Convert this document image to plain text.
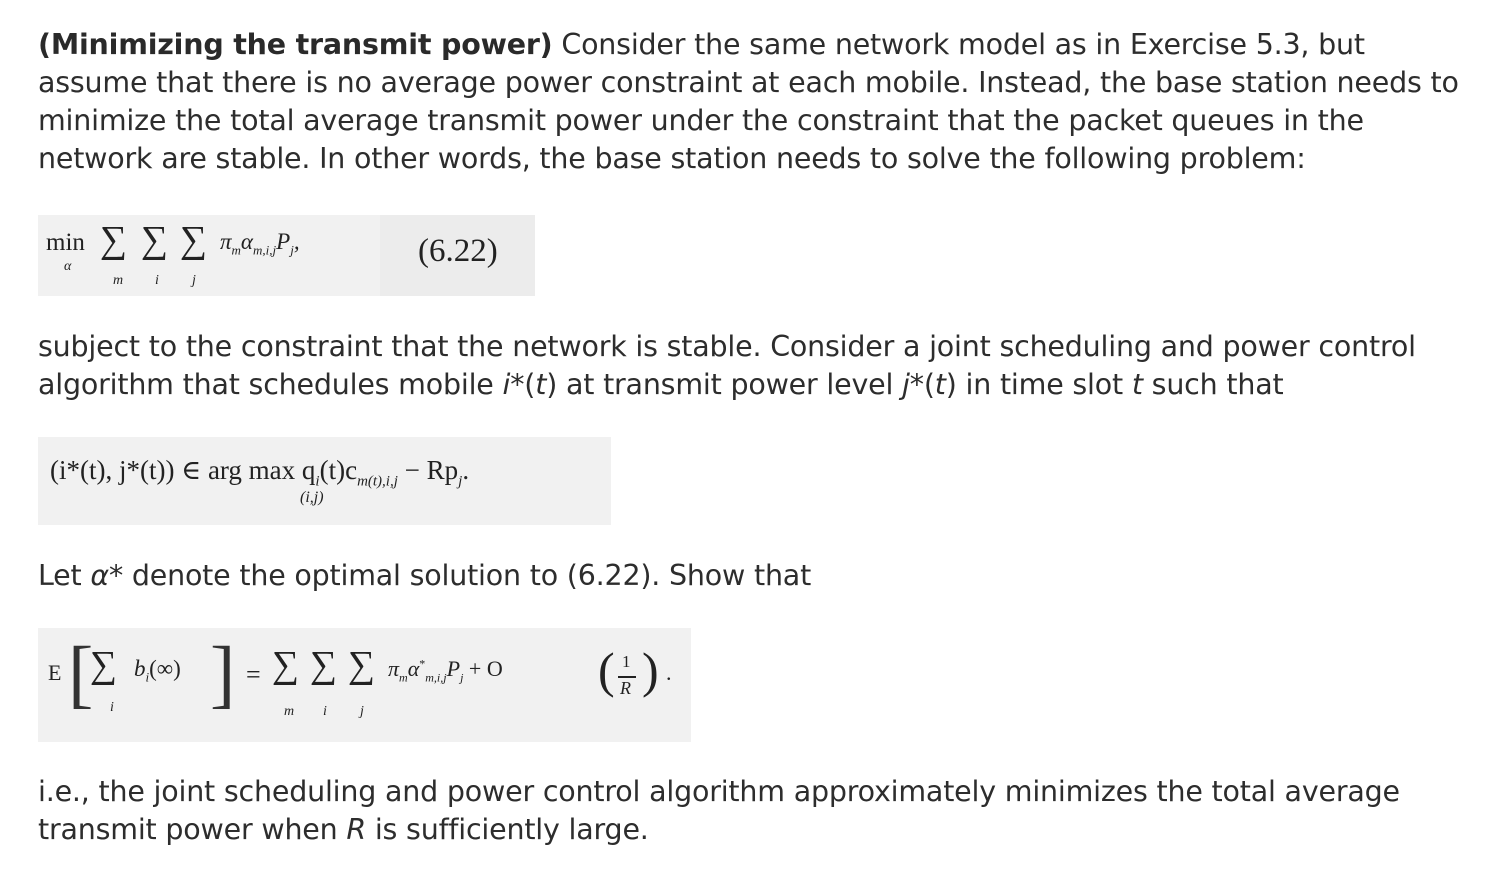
(Minimizing the transmit power) Consider the same network model as in Exercise 5.3, but assume that there is no average power constraint at each mobile. Instead, the base station needs to minimize the total average transmit power under the constraint that the packet queues in the network are stable. In other words, the base station needs to solve the following problem:

min
α
∑ ∑ ∑
m i j
$\pi_m\alpha_{m,i,j}P_j$,	(6.22)

subject to the constraint that the network is stable. Consider a joint scheduling and power control
algorithm that schedules mobile i*(t) at transmit power level j*(t) in time slot t such that

(i*(t), j*(t)) ∈ arg $\max q_i(t)c_{m(t),i,j} - Rp_j$.
(i,j)

Let α* denote the optimal solution to (6.22). Show that

E [
∑
i
$b_i(\infty)$ ] = ∑ ∑ ∑
m i j
$\pi_m\alpha^*_{m,i,j}P_j + O$ ( 1
R ) .

i.e., the joint scheduling and power control algorithm approximately minimizes the total average
transmit power when R is sufficiently large.
